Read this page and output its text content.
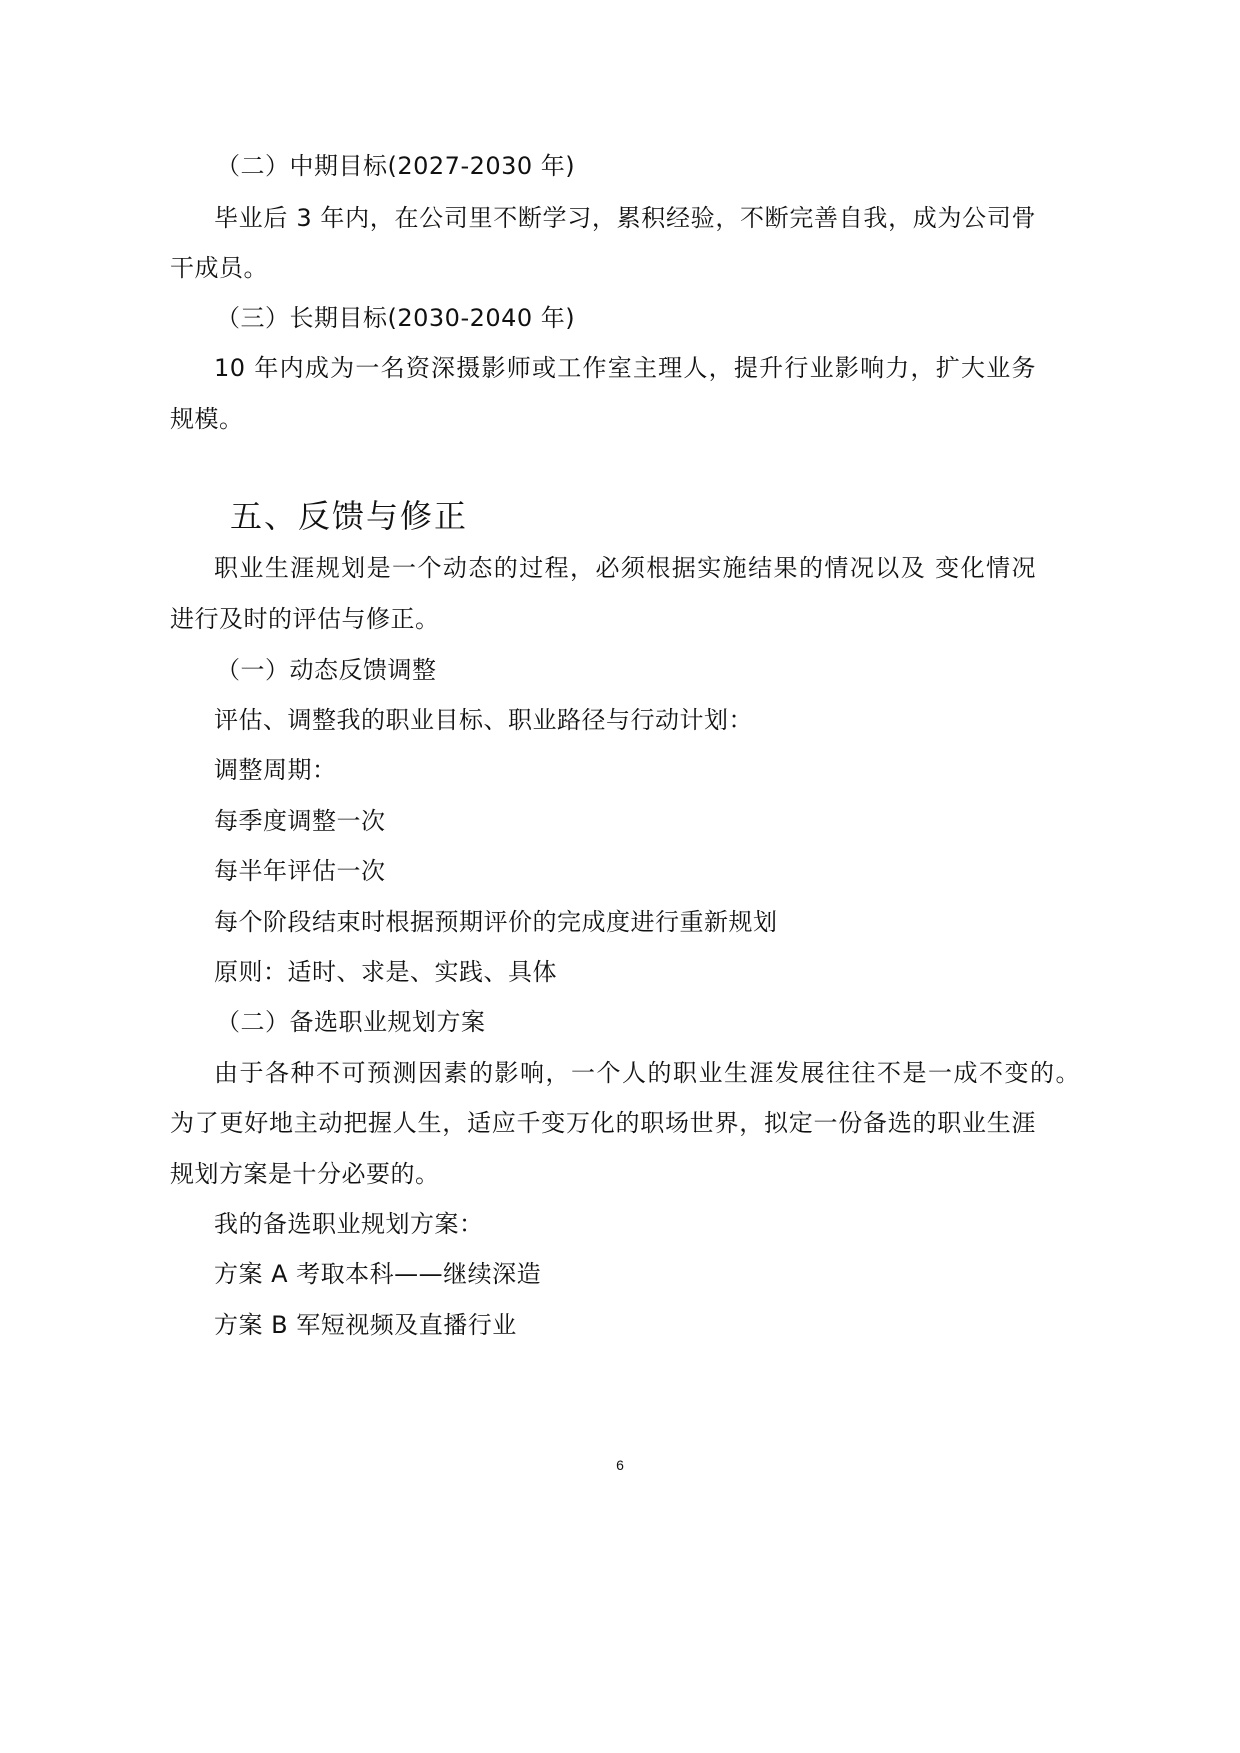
（二）中期目标(2027-2030 年)
毕业后 3 年内，在公司里不断学习，累积经验，不断完善自我，成为公司骨
干成员。
（三）长期目标(2030-2040 年)
10 年内成为一名资深摄影师或工作室主理人，提升行业影响力，扩大业务
规模。
五、反馈与修正
职业生涯规划是一个动态的过程，必须根据实施结果的情况以及 变化情况
进行及时的评估与修正。
（一）动态反馈调整
评估、调整我的职业目标、职业路径与行动计划：
调整周期：
每季度调整一次
每半年评估一次
每个阶段结束时根据预期评价的完成度进行重新规划
原则：适时、求是、实践、具体
（二）备选职业规划方案
由于各种不可预测因素的影响，一个人的职业生涯发展往往不是一成不变的。
为了更好地主动把握人生，适应千变万化的职场世界，拟定一份备选的职业生涯
规划方案是十分必要的。
我的备选职业规划方案：
方案 A 考取本科——继续深造
方案 B 军短视频及直播行业
6
